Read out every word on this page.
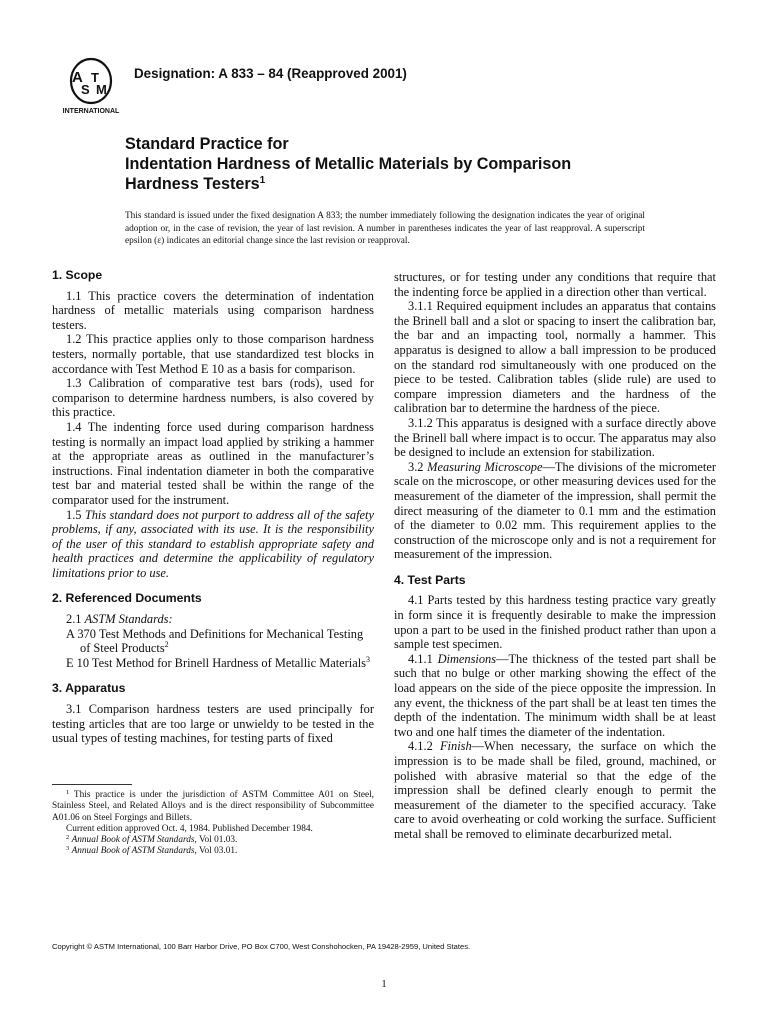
A
S
T
M
INTERNATIONAL
Designation: A 833 – 84 (Reapproved 2001)
Standard Practice for
Indentation Hardness of Metallic Materials by Comparison
Hardness Testers$^1$
This standard is issued under the fixed designation A 833; the number immediately following the designation indicates the year of original adoption or, in the case of revision, the year of last revision. A number in parentheses indicates the year of last reapproval. A superscript epsilon (ε) indicates an editorial change since the last revision or reapproval.
1. Scope

1.1 This practice covers the determination of indentation hardness of metallic materials using comparison hardness testers.

1.2 This practice applies only to those comparison hardness testers, normally portable, that use standardized test blocks in accordance with Test Method E 10 as a basis for comparison.

1.3 Calibration of comparative test bars (rods), used for comparison to determine hardness numbers, is also covered by this practice.

1.4 The indenting force used during comparison hardness testing is normally an impact load applied by striking a hammer at the appropriate areas as outlined in the manufacturer’s instructions. Final indentation diameter in both the comparative test bar and material tested shall be within the range of the comparator used for the instrument.

1.5 This standard does not purport to address all of the safety problems, if any, associated with its use. It is the responsibility of the user of this standard to establish appropriate safety and health practices and determine the applicability of regulatory limitations prior to use.

2. Referenced Documents

2.1 ASTM Standards:

A 370 Test Methods and Definitions for Mechanical Testing of Steel Products$^2$

E 10 Test Method for Brinell Hardness of Metallic Materials$^3$

3. Apparatus

3.1 Comparison hardness testers are used principally for testing articles that are too large or unwieldy to be tested in the usual types of testing machines, for testing parts of fixed

structures, or for testing under any conditions that require that the indenting force be applied in a direction other than vertical.

3.1.1 Required equipment includes an apparatus that contains the Brinell ball and a slot or spacing to insert the calibration bar, the bar and an impacting tool, normally a hammer. This apparatus is designed to allow a ball impression to be produced on the standard rod simultaneously with one produced on the piece to be tested. Calibration tables (slide rule) are used to compare impression diameters and the hardness of the calibration bar to determine the hardness of the piece.

3.1.2 This apparatus is designed with a surface directly above the Brinell ball where impact is to occur. The apparatus may also be designed to include an extension for stabilization.

3.2 Measuring Microscope—The divisions of the micrometer scale on the microscope, or other measuring devices used for the measurement of the diameter of the impression, shall permit the direct measuring of the diameter to 0.1 mm and the estimation of the diameter to 0.02 mm. This requirement applies to the construction of the microscope only and is not a requirement for measurement of the impression.

4. Test Parts

4.1 Parts tested by this hardness testing practice vary greatly in form since it is frequently desirable to make the impression upon a part to be used in the finished product rather than upon a sample test specimen.

4.1.1 Dimensions—The thickness of the tested part shall be such that no bulge or other marking showing the effect of the load appears on the side of the piece opposite the impression. In any event, the thickness of the part shall be at least ten times the depth of the indentation. The minimum width shall be at least two and one half times the diameter of the indentation.

4.1.2 Finish—When necessary, the surface on which the impression is to be made shall be filed, ground, machined, or polished with abrasive material so that the edge of the impression shall be defined clearly enough to permit the measurement of the diameter to the specified accuracy. Take care to avoid overheating or cold working the surface. Sufficient metal shall be removed to eliminate decarburized metal.

$^1$ This practice is under the jurisdiction of ASTM Committee A01 on Steel, Stainless Steel, and Related Alloys and is the direct responsibility of Subcommittee A01.06 on Steel Forgings and Billets.

Current edition approved Oct. 4, 1984. Published December 1984.

$^2$ Annual Book of ASTM Standards, Vol 01.03.

$^3$ Annual Book of ASTM Standards, Vol 03.01.

Copyright © ASTM International, 100 Barr Harbor Drive, PO Box C700, West Conshohocken, PA 19428-2959, United States.
1
